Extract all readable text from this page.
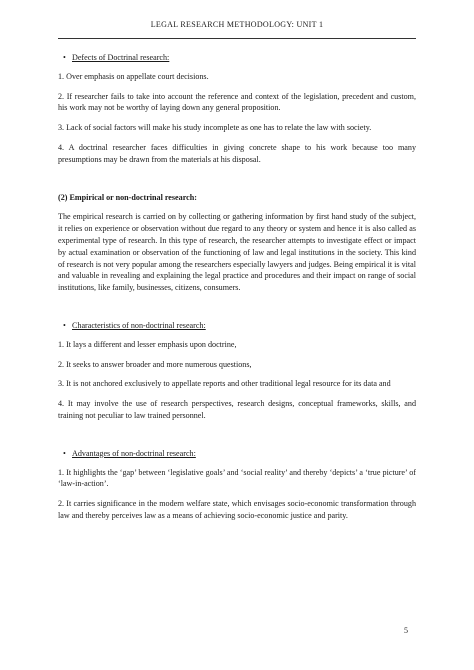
LEGAL RESEARCH METHODOLOGY: UNIT 1
• Defects of Doctrinal research:

1. Over emphasis on appellate court decisions.

2. If researcher fails to take into account the reference and context of the legislation, precedent and custom, his work may not be worthy of laying down any general proposition.

3. Lack of social factors will make his study incomplete as one has to relate the law with society.

4. A doctrinal researcher faces difficulties in giving concrete shape to his work because too many presumptions may be drawn from the materials at his disposal.

(2) Empirical or non-doctrinal research:

The empirical research is carried on by collecting or gathering information by first hand study of the subject, it relies on experience or observation without due regard to any theory or system and hence it is also called as experimental type of research. In this type of research, the researcher attempts to investigate effect or impact by actual examination or observation of the functioning of law and legal institutions in the society. This kind of research is not very popular among the researchers especially lawyers and judges. Being empirical it is vital and valuable in revealing and explaining the legal practice and procedures and their impact on range of social institutions, like family, businesses, citizens, consumers.

• Characteristics of non-doctrinal research:

1. It lays a different and lesser emphasis upon doctrine,

2. It seeks to answer broader and more numerous questions,

3. It is not anchored exclusively to appellate reports and other traditional legal resource for its data and

4. It may involve the use of research perspectives, research designs, conceptual frameworks, skills, and training not peculiar to law trained personnel.

• Advantages of non-doctrinal research:

1. It highlights the ‘gap’ between ‘legislative goals’ and ‘social reality’ and thereby ‘depicts’ a ‘true picture’ of ‘law-in-action’.

2. It carries significance in the modern welfare state, which envisages socio-economic transformation through law and thereby perceives law as a means of achieving socio-economic justice and parity.

5
